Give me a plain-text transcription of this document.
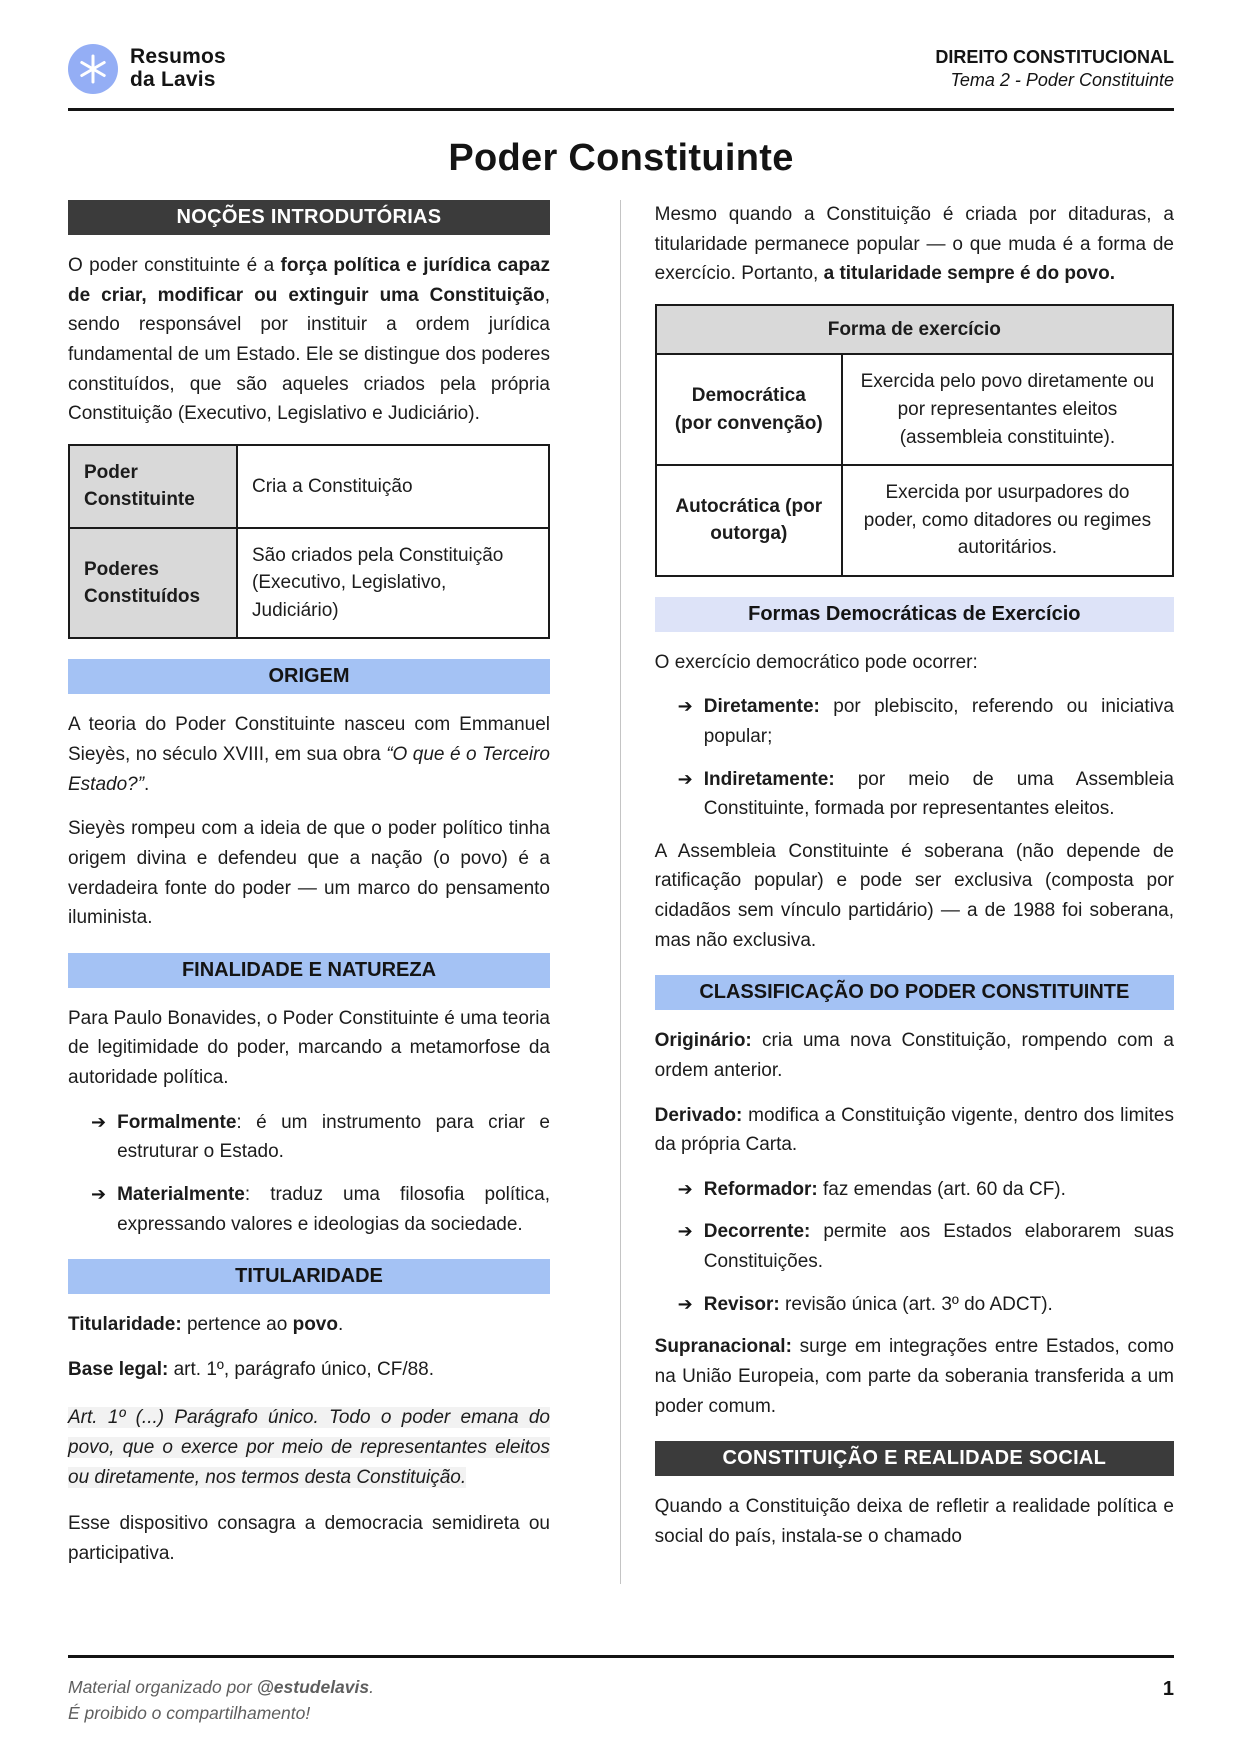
Resumos
da Lavis
DIREITO CONSTITUCIONAL
Tema 2 - Poder Constituinte
Poder Constituinte
NOÇÕES INTRODUTÓRIAS

O poder constituinte é a força política e jurídica capaz de criar, modificar ou extinguir uma Constituição, sendo responsável por instituir a ordem jurídica fundamental de um Estado. Ele se distingue dos poderes constituídos, que são aqueles criados pela própria Constituição (Executivo, Legislativo e Judiciário).

Poder Constituinte	Cria a Constituição
Poderes Constituídos	São criados pela Constituição (Executivo, Legislativo, Judiciário)
ORIGEM

A teoria do Poder Constituinte nasceu com Emmanuel Sieyès, no século XVIII, em sua obra “O que é o Terceiro Estado?”.

Sieyès rompeu com a ideia de que o poder político tinha origem divina e defendeu que a nação (o povo) é a verdadeira fonte do poder — um marco do pensamento iluminista.

FINALIDADE E NATUREZA

Para Paulo Bonavides, o Poder Constituinte é uma teoria de legitimidade do poder, marcando a metamorfose da autoridade política.

➔ Formalmente: é um instrumento para criar e estruturar o Estado.
➔ Materialmente: traduz uma filosofia política, expressando valores e ideologias da sociedade.
TITULARIDADE

Titularidade: pertence ao povo.

Base legal: art. 1º, parágrafo único, CF/88.

Art. 1º (...) Parágrafo único. Todo o poder emana do povo, que o exerce por meio de representantes eleitos ou diretamente, nos termos desta Constituição.

Esse dispositivo consagra a democracia semidireta ou participativa.

Mesmo quando a Constituição é criada por ditaduras, a titularidade permanece popular — o que muda é a forma de exercício. Portanto, a titularidade sempre é do povo.

Forma de exercício	
Democrática (por convenção)	Exercida pelo povo diretamente ou por representantes eleitos (assembleia constituinte).
Autocrática (por outorga)	Exercida por usurpadores do poder, como ditadores ou regimes autoritários.
Formas Democráticas de Exercício

O exercício democrático pode ocorrer:

➔ Diretamente: por plebiscito, referendo ou iniciativa popular;
➔ Indiretamente: por meio de uma Assembleia Constituinte, formada por representantes eleitos.

A Assembleia Constituinte é soberana (não depende de ratificação popular) e pode ser exclusiva (composta por cidadãos sem vínculo partidário) — a de 1988 foi soberana, mas não exclusiva.

CLASSIFICAÇÃO DO PODER CONSTITUINTE

Originário: cria uma nova Constituição, rompendo com a ordem anterior.

Derivado: modifica a Constituição vigente, dentro dos limites da própria Carta.

➔ Reformador: faz emendas (art. 60 da CF).
➔ Decorrente: permite aos Estados elaborarem suas Constituições.
➔ Revisor: revisão única (art. 3º do ADCT).

Supranacional: surge em integrações entre Estados, como na União Europeia, com parte da soberania transferida a um poder comum.

CONSTITUIÇÃO E REALIDADE SOCIAL

Quando a Constituição deixa de refletir a realidade política e social do país, instala-se o chamado

Material organizado por @estudelavis.
É proibido o compartilhamento!
1
